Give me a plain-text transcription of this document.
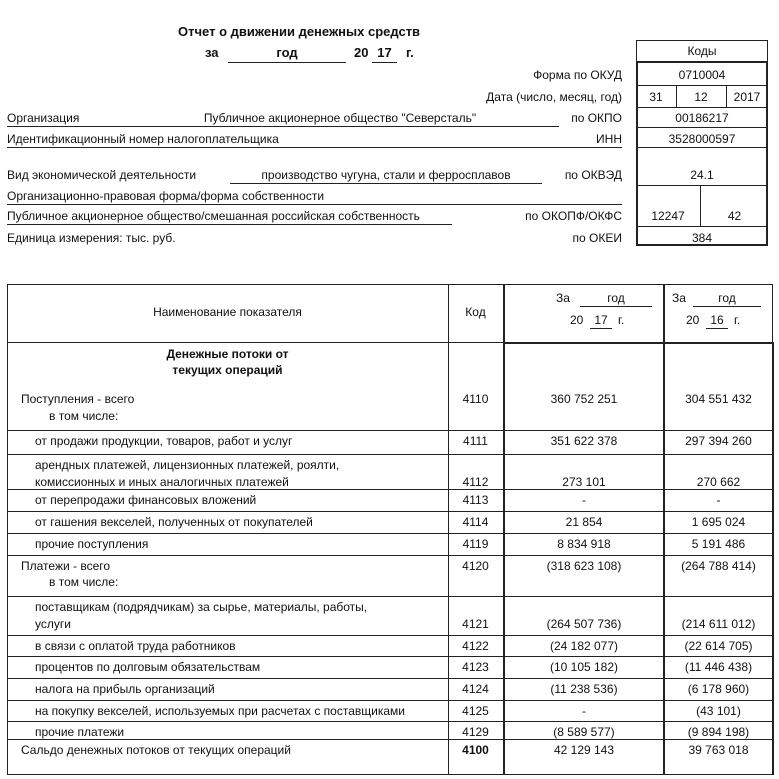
Отчет о движении денежных средств
за	год	20 17	г.	Коды
Форма по ОКУД	0710004
Дата (число, месяц, год)	31	12	2017
Организация	Публичное акционерное общество "Северсталь"	по ОКПО	00186217
Идентификационный номер налогоплательщика	ИНН	3528000597
Вид экономической деятельности	производство чугуна, стали и ферросплавов	по ОКВЭД	24.1
Организационно-правовая форма/форма собственности
Публичное акционерное общество/смешанная российская собственность	по ОКОПФ/ОКФС	12247	42
Единица измерения: тыс. руб.	по ОКЕИ	384
Наименование показателя	Код
За	год
20 17 г.
За	год
20 16 г.
Денежные потоки от
текущих операций
Поступления - всего	4110	360 752 251	304 551 432
в том числе:
от продажи продукции, товаров, работ и услуг	4111	351 622 378	297 394 260
арендных платежей, лицензионных платежей, роялти,
комиссионных и иных аналогичных платежей	4112	273 101	270 662
от перепродажи финансовых вложений	4113	-	-
от гашения векселей, полученных от покупателей	4114	21 854	1 695 024
прочие поступления	4119	8 834 918	5 191 486
Платежи - всего	4120	(318 623 108)	(264 788 414)
в том числе:
поставщикам (подрядчикам) за сырье, материалы, работы,
услуги	4121	(264 507 736)	(214 611 012)
в связи с оплатой труда работников	4122	(24 182 077)	(22 614 705)
процентов по долговым обязательствам	4123	(10 105 182)	(11 446 438)
налога на прибыль организаций	4124	(11 238 536)	(6 178 960)
на покупку векселей, используемых при расчетах с поставщиками	4125	-	(43 101)
прочие платежи	4129	(8 589 577)	(9 894 198)
Сальдо денежных потоков от текущих операций	4100	42 129 143	39 763 018
